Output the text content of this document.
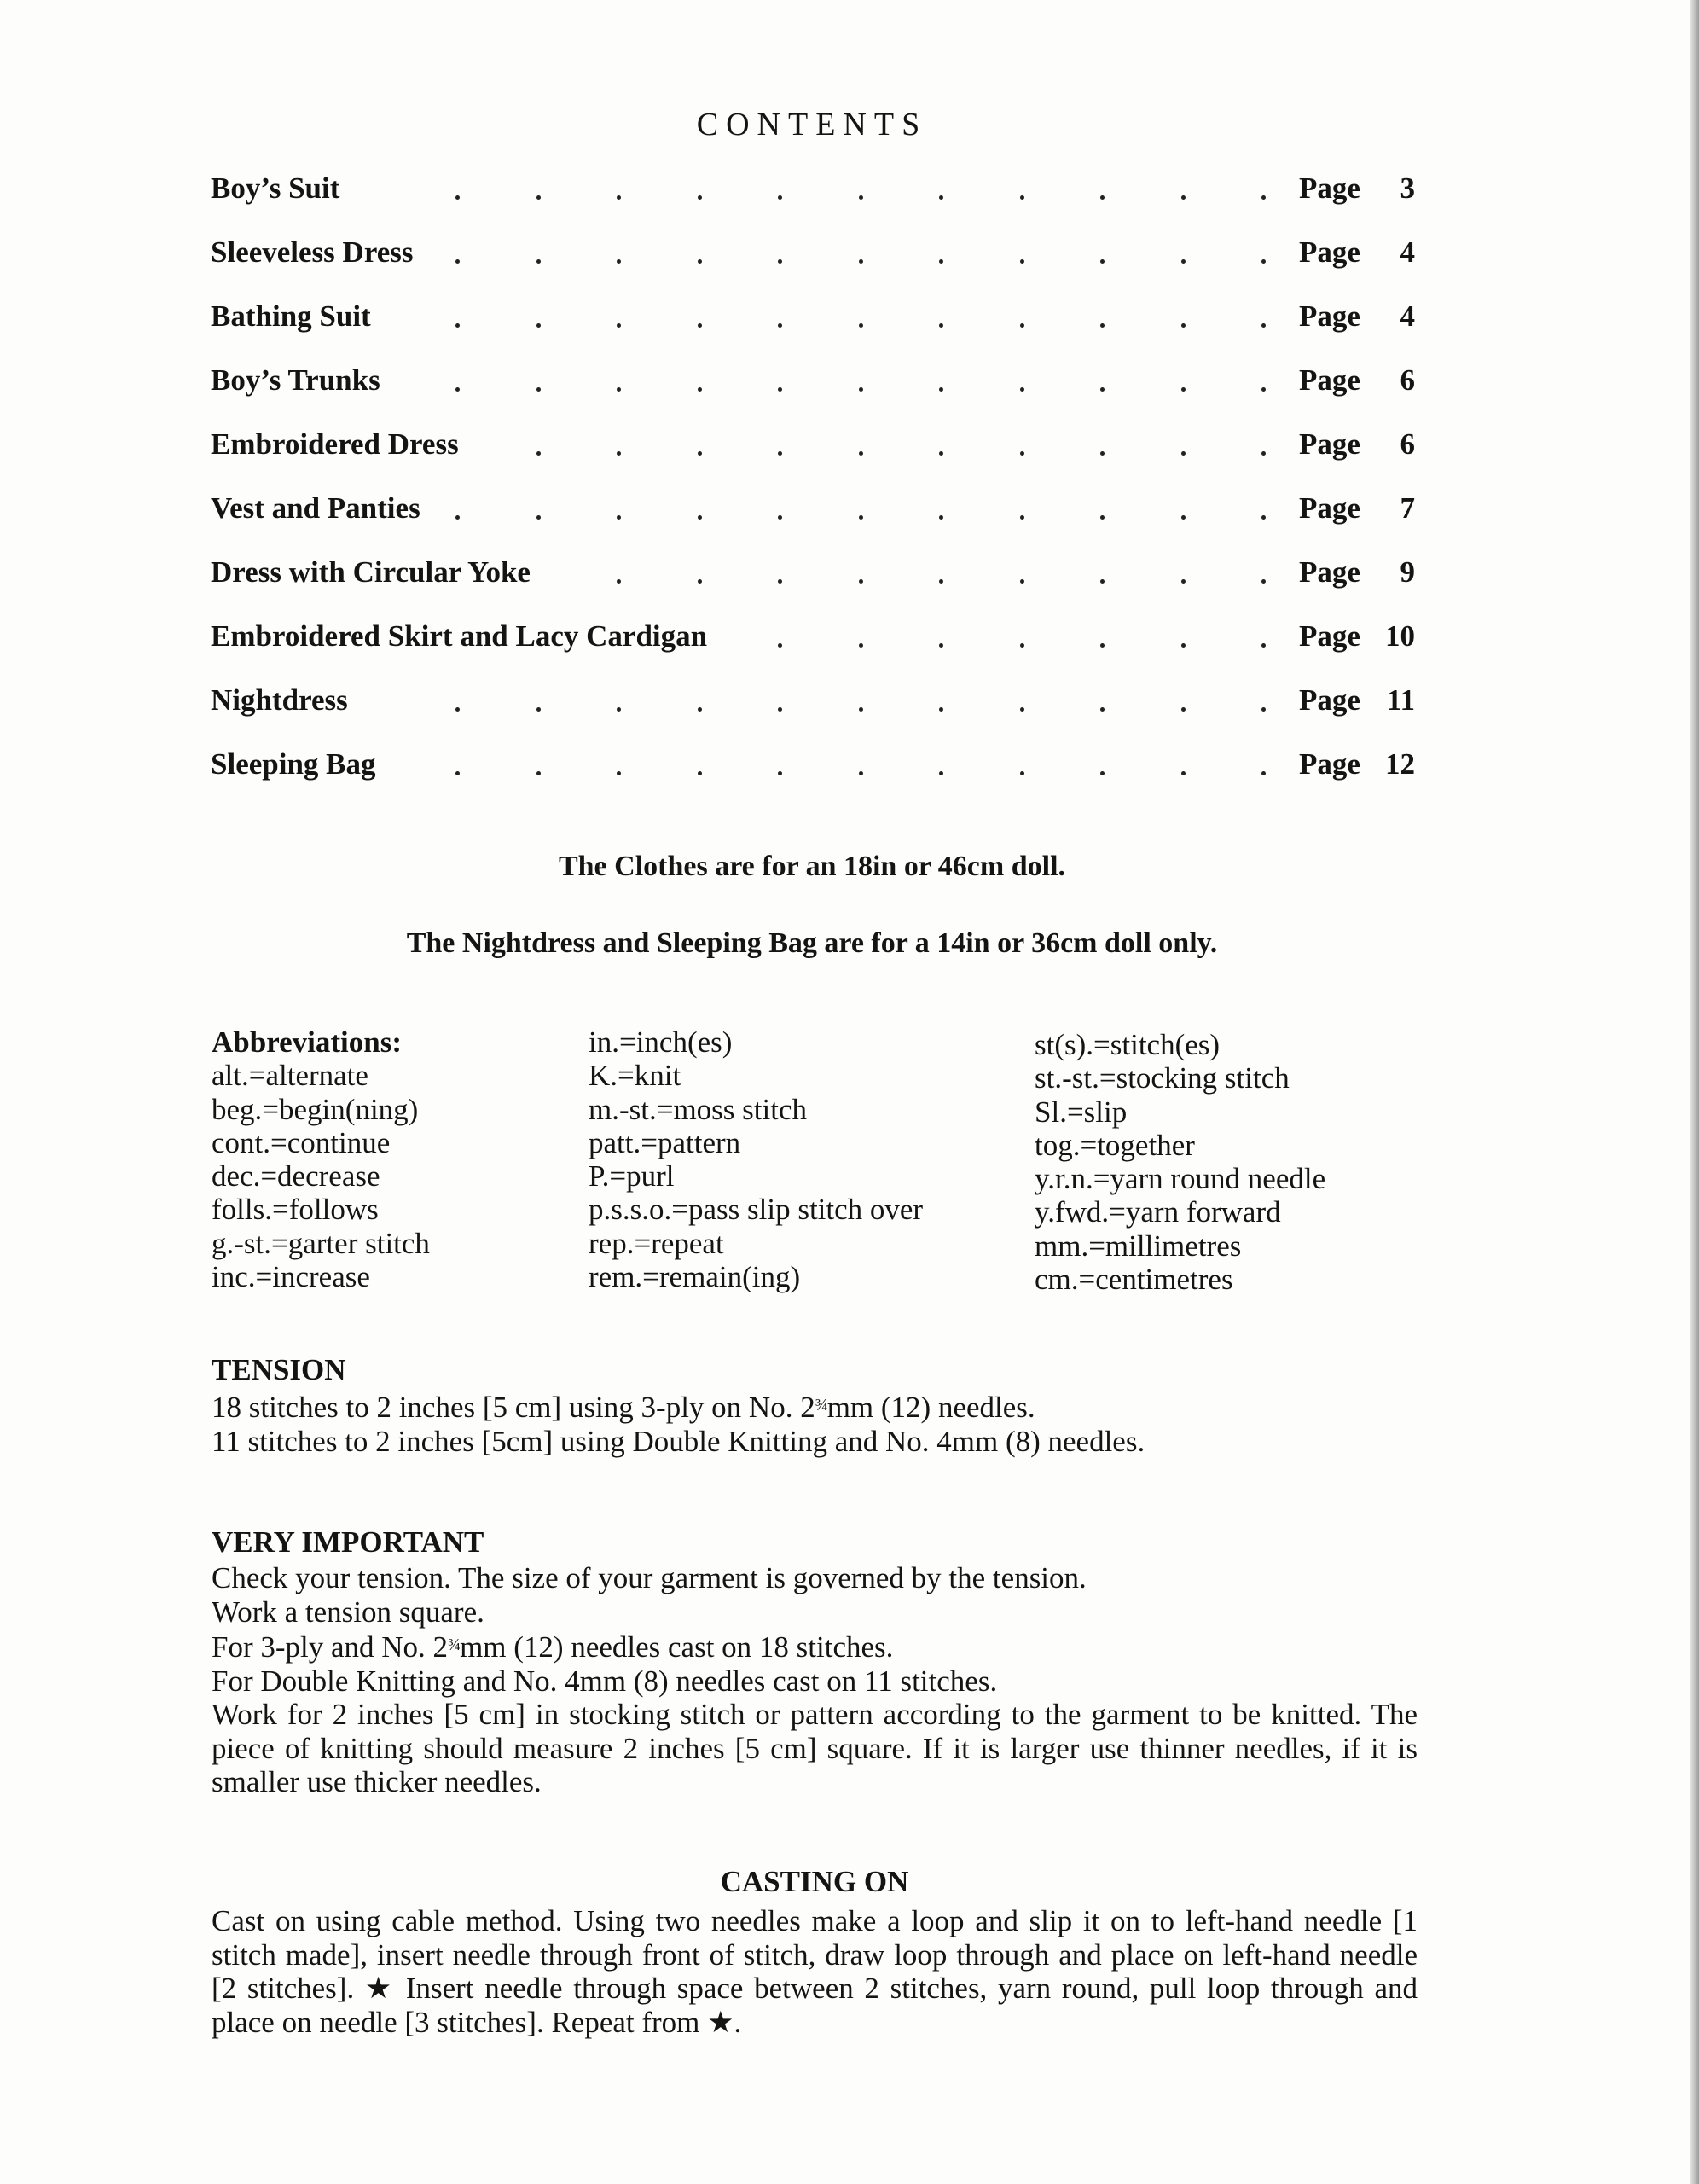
CONTENTS
Boy’s Suit	Page 3
Sleeveless Dress	Page 4
Bathing Suit	Page 4
Boy’s Trunks	Page 6
Embroidered Dress	Page 6
Vest and Panties	Page 7
Dress with Circular Yoke	Page 9
Embroidered Skirt and Lacy Cardigan	Page 10
Nightdress	Page 11
Sleeping Bag	Page 12
The Clothes are for an 18in or 46cm doll.
The Nightdress and Sleeping Bag are for a 14in or 36cm doll only.
Abbreviations:
alt.=alternate
beg.=begin(ning)
cont.=continue
dec.=decrease
folls.=follows
g.-st.=garter stitch
inc.=increase
in.=inch(es)
K.=knit
m.-st.=moss stitch
patt.=pattern
P.=purl
p.s.s.o.=pass slip stitch over
rep.=repeat
rem.=remain(ing)
st(s).=stitch(es)
st.-st.=stocking stitch
Sl.=slip
tog.=together
y.r.n.=yarn round needle
y.fwd.=yarn forward
mm.=millimetres
cm.=centimetres
TENSION
18 stitches to 2 inches [5 cm] using 3-ply on No. $2^{\frac{3}{4}}mm$ (12) needles.
11 stitches to 2 inches [5cm] using Double Knitting and No. 4mm (8) needles.
VERY IMPORTANT
Check your tension. The size of your garment is governed by the tension.
Work a tension square.
For 3-ply and No. $2^{\frac{3}{4}}mm$ (12) needles cast on 18 stitches.
For Double Knitting and No. 4mm (8) needles cast on 11 stitches.
Work for 2 inches [5 cm] in stocking stitch or pattern according to the garment to be knitted. The piece of knitting should measure 2 inches [5 cm] square. If it is larger use thinner needles, if it is smaller use thicker needles.
CASTING ON
Cast on using cable method. Using two needles make a loop and slip it on to left-hand needle [1 stitch made], insert needle through front of stitch, draw loop through and place on left-hand needle [2 stitches]. ★ Insert needle through space between 2 stitches, yarn round, pull loop through and place on needle [3 stitches]. Repeat from ★.
